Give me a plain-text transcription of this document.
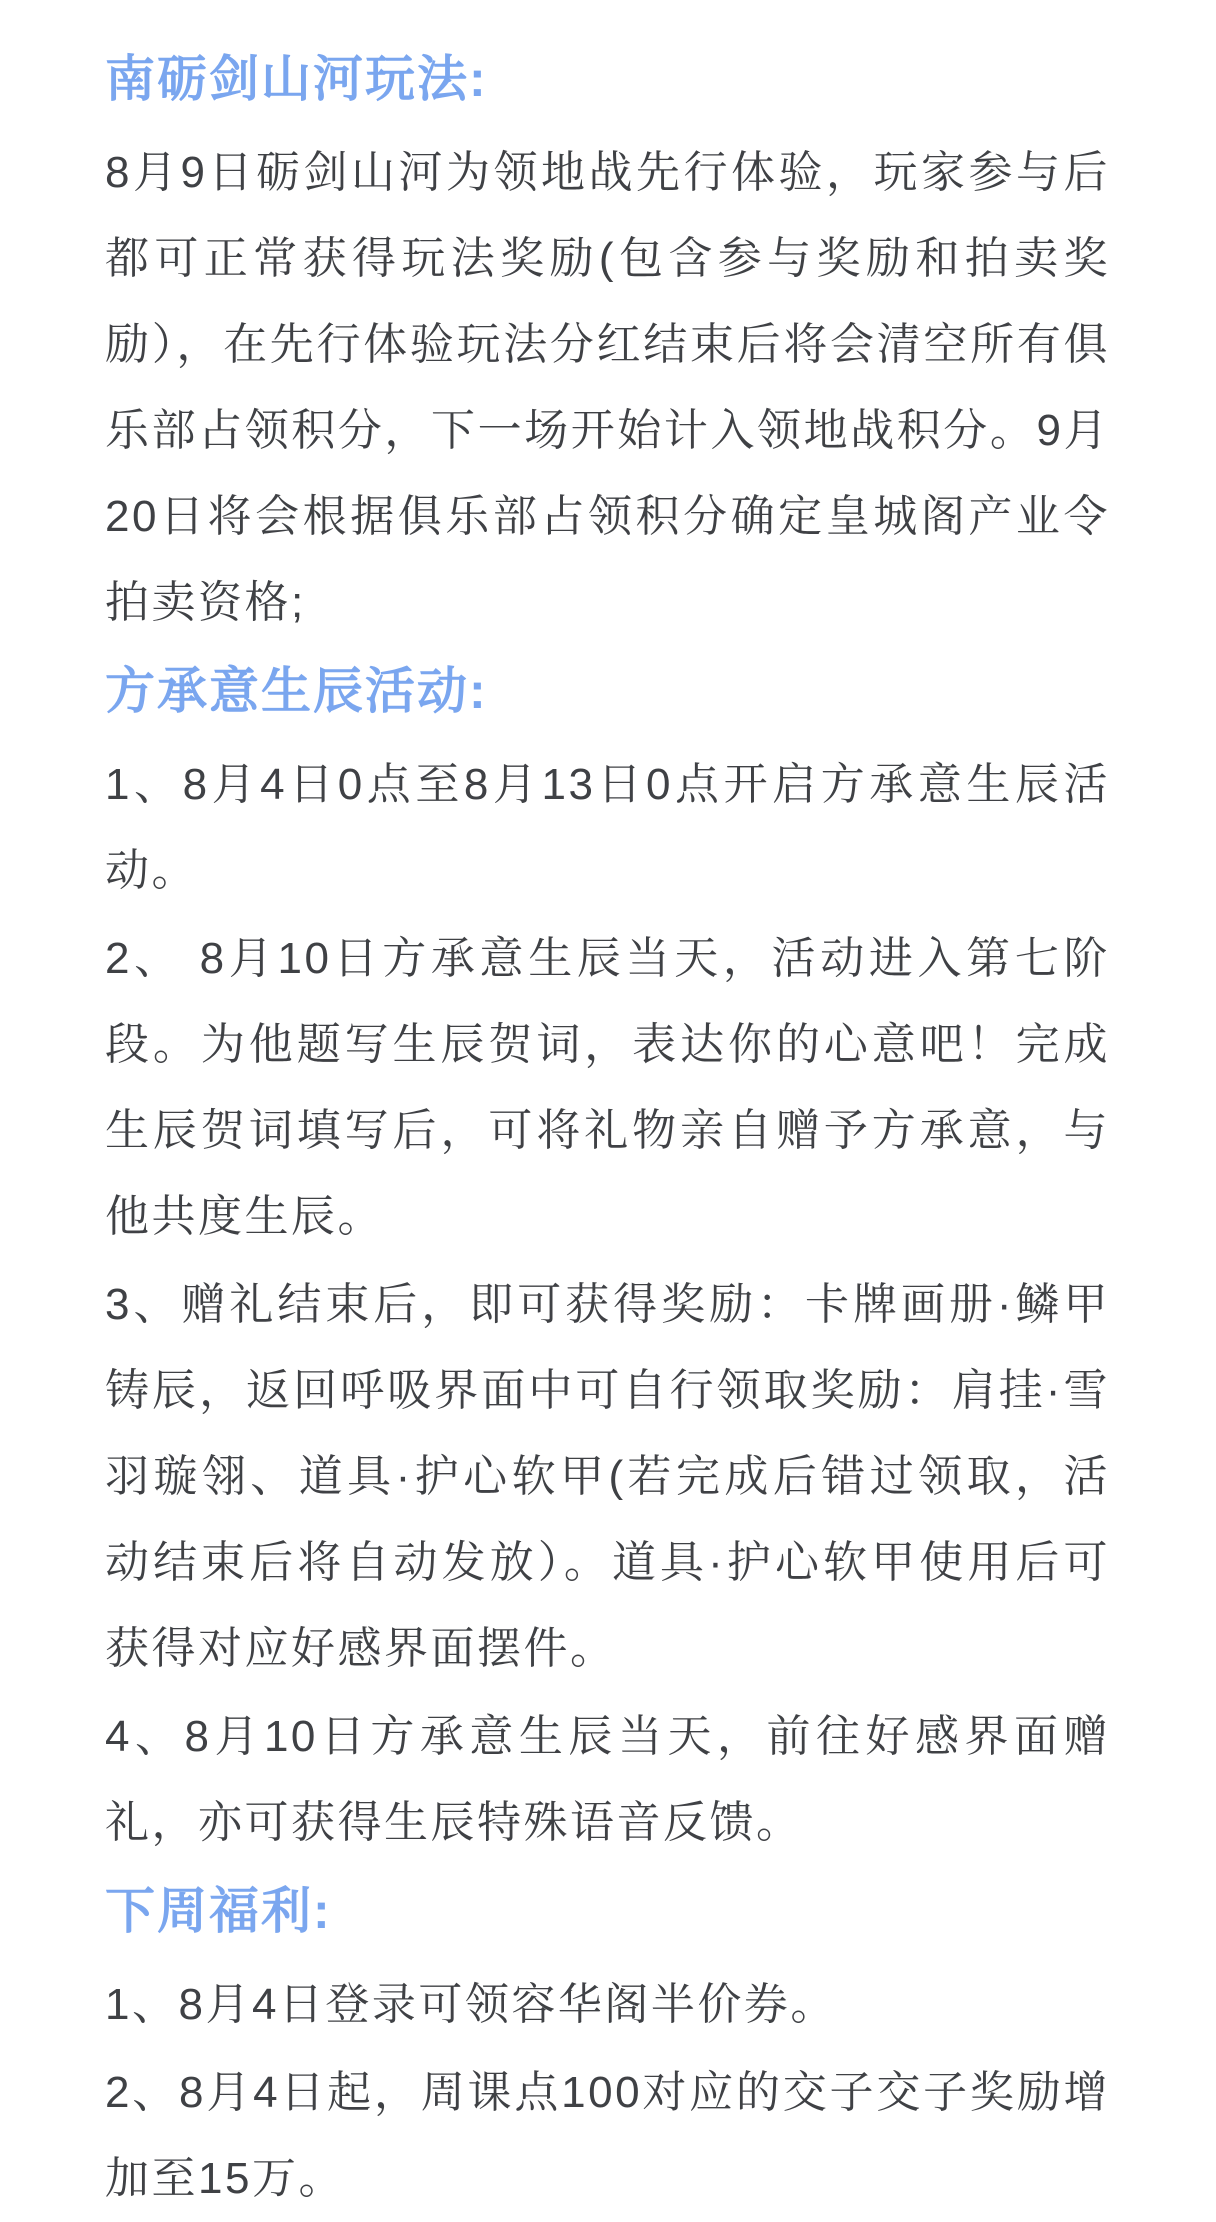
南砺剑山河玩法:

8月9日砺剑山河为领地战先行体验，玩家参与后都可正常获得玩法奖励(包含参与奖励和拍卖奖励），在先行体验玩法分红结束后将会清空所有俱乐部占领积分，下一场开始计入领地战积分。9月20日将会根据俱乐部占领积分确定皇城阁产业令拍卖资格;

方承意生辰活动:

1、8月4日0点至8月13日0点开启方承意生辰活动。

2、 8月10日方承意生辰当天，活动进入第七阶段。为他题写生辰贺词，表达你的心意吧！完成生辰贺词填写后，可将礼物亲自赠予方承意，与他共度生辰。

3、赠礼结束后，即可获得奖励：卡牌画册·鳞甲铸辰，返回呼吸界面中可自行领取奖励：肩挂·雪羽璇翎、道具·护心软甲(若完成后错过领取，活动结束后将自动发放）。道具·护心软甲使用后可获得对应好感界面摆件。

4、8月10日方承意生辰当天，前往好感界面赠礼，亦可获得生辰特殊语音反馈。

下周福利:

1、8月4日登录可领容华阁半价券。

2、8月4日起，周课点100对应的交子交子奖励增加至15万。
